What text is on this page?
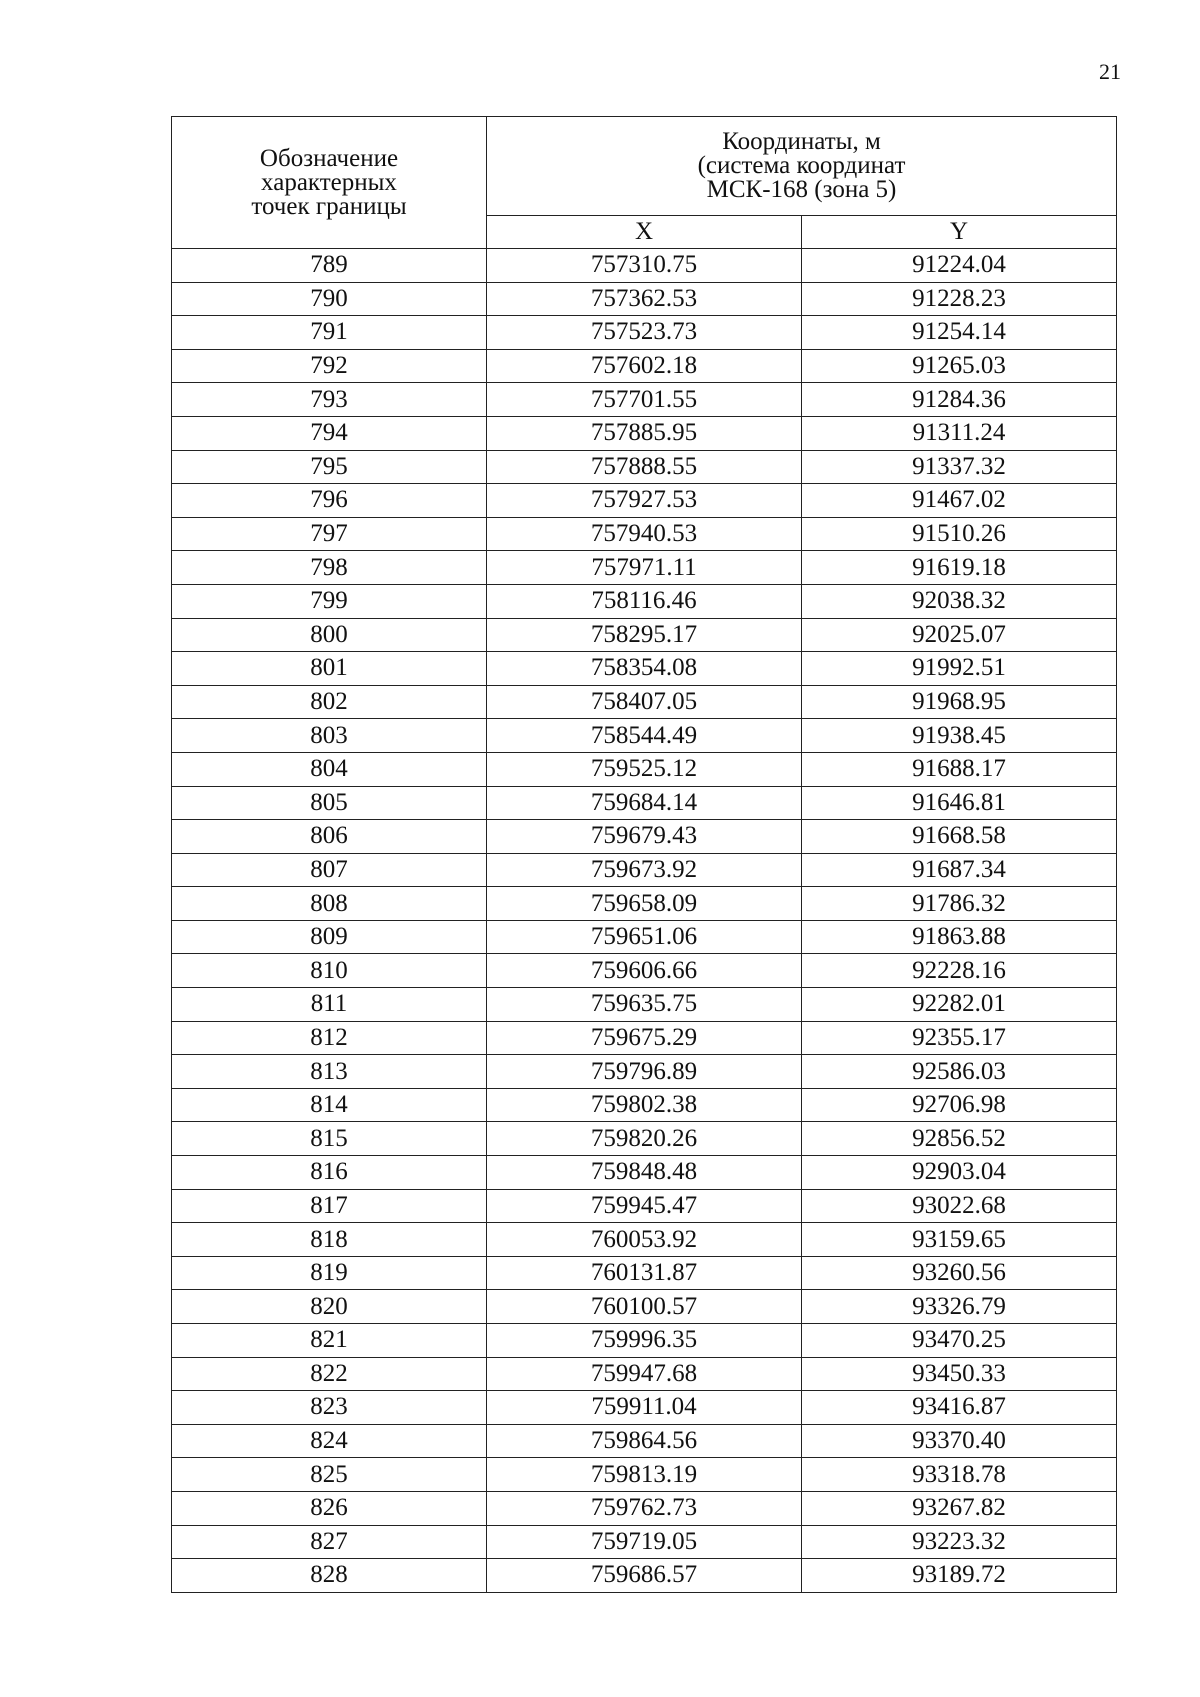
21
Обозначение
характерных
точек границы	Координаты, м
(система координат
МСК-168 (зона 5)	

	X	Y
789	757310.75	91224.04
790	757362.53	91228.23
791	757523.73	91254.14
792	757602.18	91265.03
793	757701.55	91284.36
794	757885.95	91311.24
795	757888.55	91337.32
796	757927.53	91467.02
797	757940.53	91510.26
798	757971.11	91619.18
799	758116.46	92038.32
800	758295.17	92025.07
801	758354.08	91992.51
802	758407.05	91968.95
803	758544.49	91938.45
804	759525.12	91688.17
805	759684.14	91646.81
806	759679.43	91668.58
807	759673.92	91687.34
808	759658.09	91786.32
809	759651.06	91863.88
810	759606.66	92228.16
811	759635.75	92282.01
812	759675.29	92355.17
813	759796.89	92586.03
814	759802.38	92706.98
815	759820.26	92856.52
816	759848.48	92903.04
817	759945.47	93022.68
818	760053.92	93159.65
819	760131.87	93260.56
820	760100.57	93326.79
821	759996.35	93470.25
822	759947.68	93450.33
823	759911.04	93416.87
824	759864.56	93370.40
825	759813.19	93318.78
826	759762.73	93267.82
827	759719.05	93223.32
828	759686.57	93189.72
